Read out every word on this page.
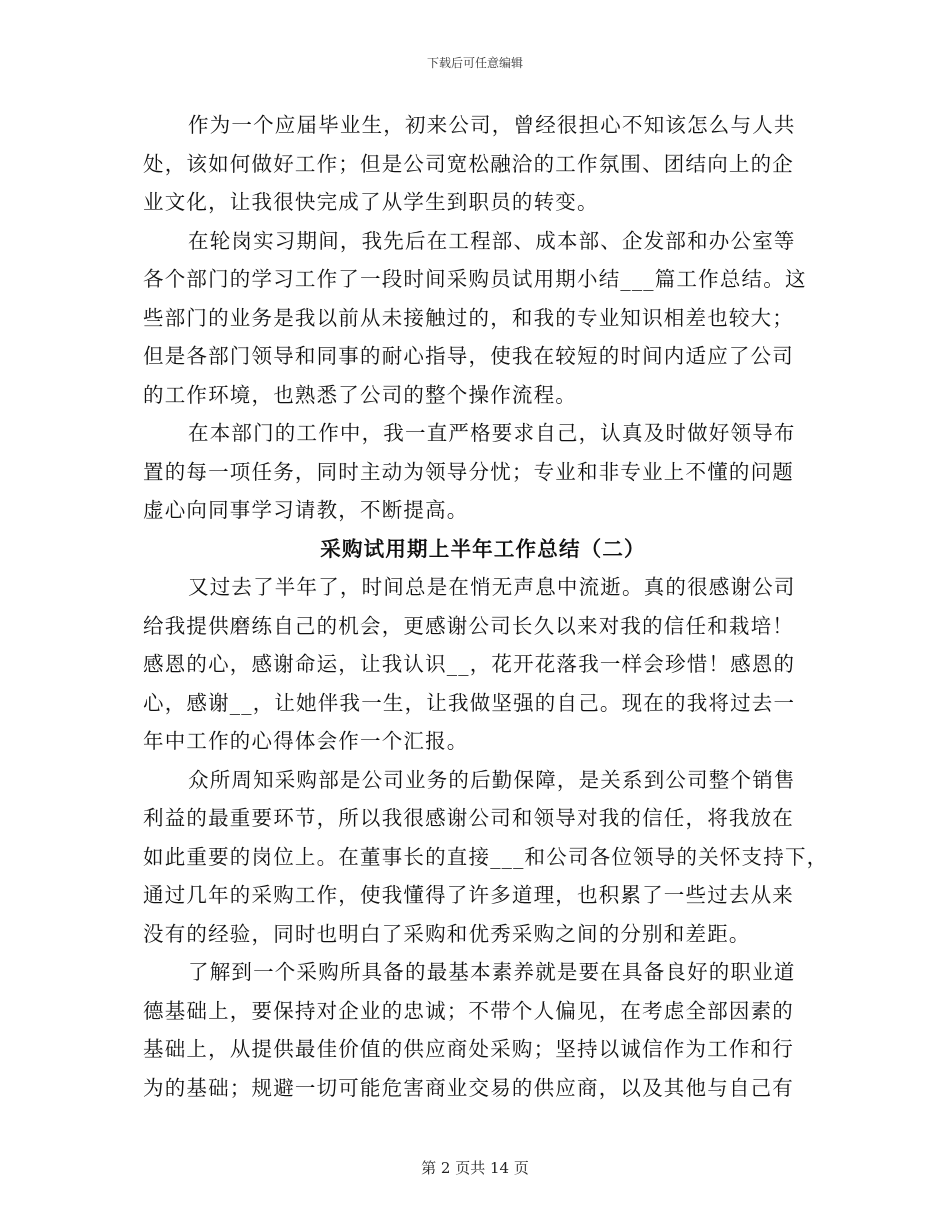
下载后可任意编辑

作为一个应届毕业生，初来公司，曾经很担心不知该怎么与人共
处，该如何做好工作；但是公司宽松融洽的工作氛围、团结向上的企
业文化，让我很快完成了从学生到职员的转变。

在轮岗实习期间，我先后在工程部、成本部、企发部和办公室等
各个部门的学习工作了一段时间采购员试用期小结___篇工作总结。这
些部门的业务是我以前从未接触过的，和我的专业知识相差也较大；
但是各部门领导和同事的耐心指导，使我在较短的时间内适应了公司
的工作环境，也熟悉了公司的整个操作流程。

在本部门的工作中，我一直严格要求自己，认真及时做好领导布
置的每一项任务，同时主动为领导分忧；专业和非专业上不懂的问题
虚心向同事学习请教，不断提高。

采购试用期上半年工作总结（二）

又过去了半年了，时间总是在悄无声息中流逝。真的很感谢公司
给我提供磨练自己的机会，更感谢公司长久以来对我的信任和栽培！
感恩的心，感谢命运，让我认识__，花开花落我一样会珍惜！感恩的
心，感谢__，让她伴我一生，让我做坚强的自己。现在的我将过去一
年中工作的心得体会作一个汇报。

众所周知采购部是公司业务的后勤保障，是关系到公司整个销售
利益的最重要环节，所以我很感谢公司和领导对我的信任，将我放在
如此重要的岗位上。在董事长的直接___和公司各位领导的关怀支持下，
通过几年的采购工作，使我懂得了许多道理，也积累了一些过去从来
没有的经验，同时也明白了采购和优秀采购之间的分别和差距。

了解到一个采购所具备的最基本素养就是要在具备良好的职业道
德基础上，要保持对企业的忠诚；不带个人偏见，在考虑全部因素的
基础上，从提供最佳价值的供应商处采购；坚持以诚信作为工作和行
为的基础；规避一切可能危害商业交易的供应商，以及其他与自己有

第 2 页共 14 页
